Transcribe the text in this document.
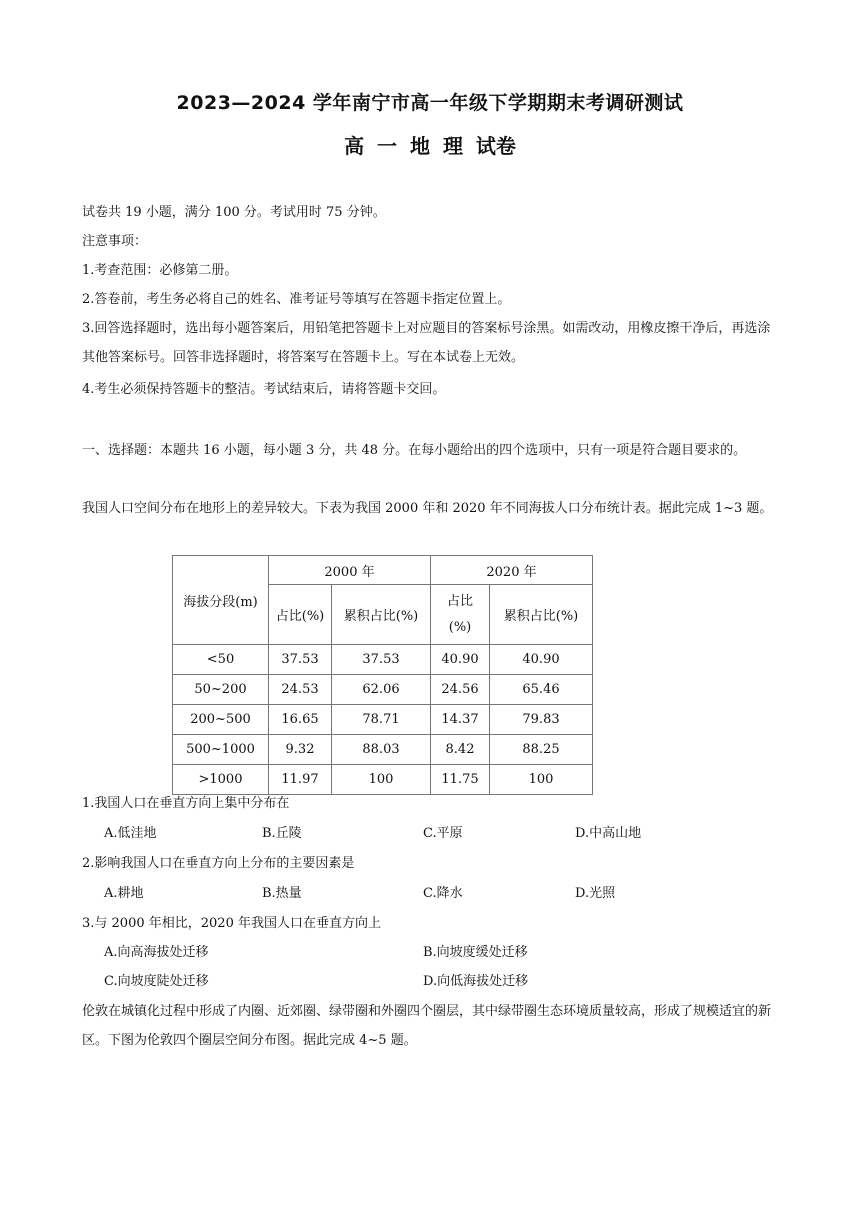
2023—2024 学年南宁市高一年级下学期期末考调研测试
高 一 地 理 试卷
试卷共 19 小题，满分 100 分。考试用时 75 分钟。
注意事项：
1.考查范围：必修第二册。
2.答卷前，考生务必将自己的姓名、准考证号等填写在答题卡指定位置上。
3.回答选择题时，选出每小题答案后，用铅笔把答题卡上对应题目的答案标号涂黑。如需改动，用橡皮擦干净后，再选涂其他答案标号。回答非选择题时，将答案写在答题卡上。写在本试卷上无效。
4.考生必须保持答题卡的整洁。考试结束后，请将答题卡交回。
一、选择题：本题共 16 小题，每小题 3 分，共 48 分。在每小题给出的四个选项中，只有一项是符合题目要求的。
我国人口空间分布在地形上的差异较大。下表为我国 2000 年和 2020 年不同海拔人口分布统计表。据此完成 1~3 题。
海拔分段(m)	2000 年		2020 年	
	占比(%)	累积占比(%)	占比(%)	累积占比(%)
<50	37.53	37.53	40.90	40.90
50~200	24.53	62.06	24.56	65.46
200~500	16.65	78.71	14.37	79.83
500~1000	9.32	88.03	8.42	88.25
>1000	11.97	100	11.75	100
1.我国人口在垂直方向上集中分布在
A.低洼地	B.丘陵	C.平原	D.中高山地
2.影响我国人口在垂直方向上分布的主要因素是
A.耕地	B.热量	C.降水	D.光照
3.与 2000 年相比，2020 年我国人口在垂直方向上
A.向高海拔处迁移	B.向坡度缓处迁移
C.向坡度陡处迁移	D.向低海拔处迁移
伦敦在城镇化过程中形成了内圈、近郊圈、绿带圈和外圈四个圈层，其中绿带圈生态环境质量较高，形成了规模适宜的新区。下图为伦敦四个圈层空间分布图。据此完成 4~5 题。
